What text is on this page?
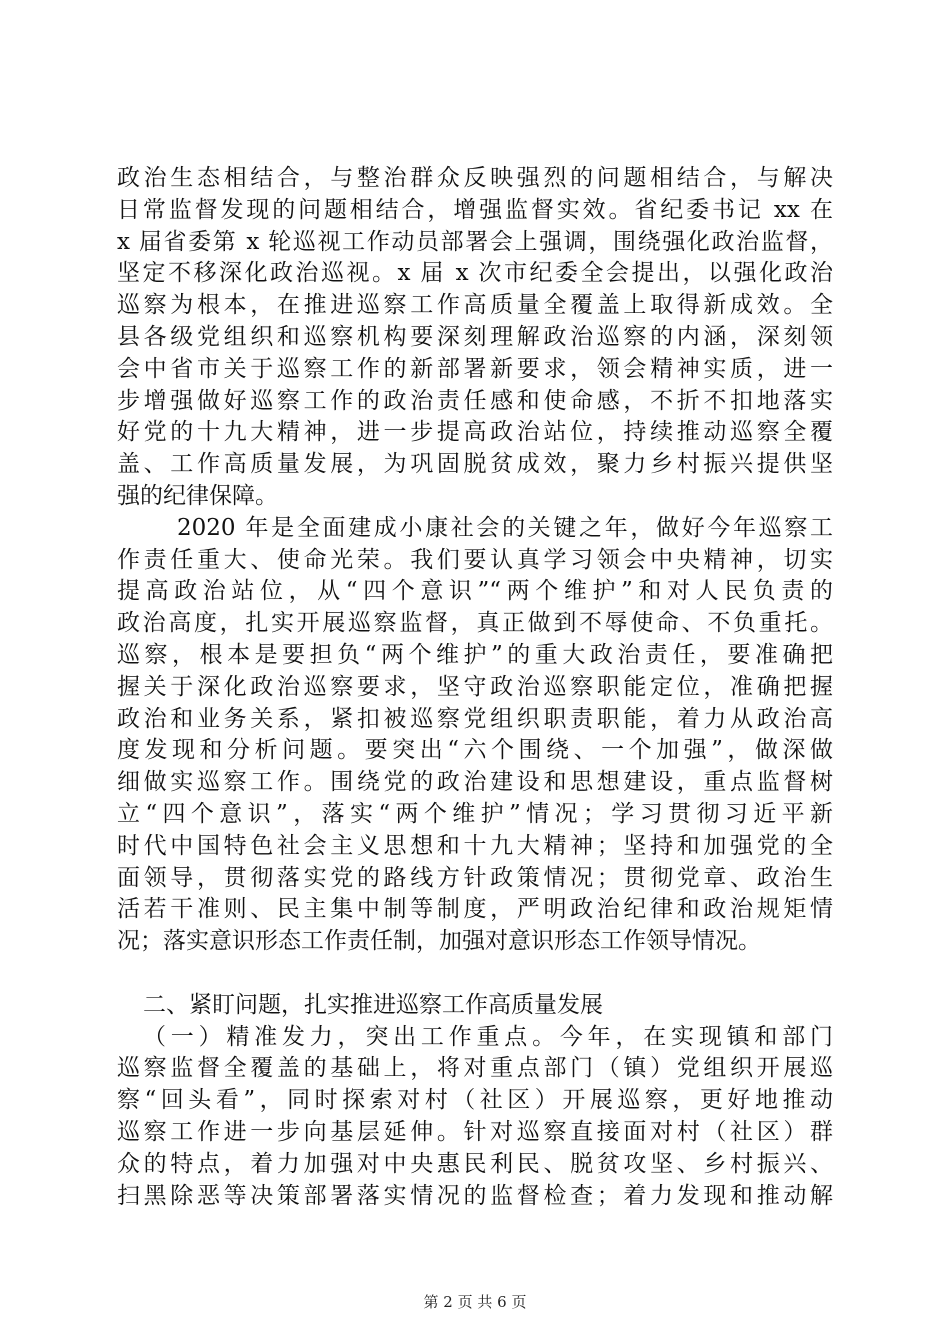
政治生态相结合，与整治群众反映强烈的问题相结合，与解决
日常监督发现的问题相结合，增强监督实效。省纪委书记 xx 在
x 届省委第 x 轮巡视工作动员部署会上强调，围绕强化政治监督，
坚定不移深化政治巡视。x 届 x 次市纪委全会提出，以强化政治
巡察为根本，在推进巡察工作高质量全覆盖上取得新成效。全
县各级党组织和巡察机构要深刻理解政治巡察的内涵，深刻领
会中省市关于巡察工作的新部署新要求，领会精神实质，进一
步增强做好巡察工作的政治责任感和使命感，不折不扣地落实
好党的十九大精神，进一步提高政治站位，持续推动巡察全覆
盖、工作高质量发展，为巩固脱贫成效，聚力乡村振兴提供坚
强的纪律保障。
2020 年是全面建成小康社会的关键之年，做好今年巡察工
作责任重大、使命光荣。我们要认真学习领会中央精神，切实
提高政治站位，从“四个意识”“两个维护”和对人民负责的
政治高度，扎实开展巡察监督，真正做到不辱使命、不负重托。
巡察，根本是要担负“两个维护”的重大政治责任，要准确把
握关于深化政治巡察要求，坚守政治巡察职能定位，准确把握
政治和业务关系，紧扣被巡察党组织职责职能，着力从政治高
度发现和分析问题。要突出“六个围绕、一个加强”，做深做
细做实巡察工作。围绕党的政治建设和思想建设，重点监督树
立“四个意识”，落实“两个维护”情况；学习贯彻习近平新
时代中国特色社会主义思想和十九大精神；坚持和加强党的全
面领导，贯彻落实党的路线方针政策情况；贯彻党章、政治生
活若干准则、民主集中制等制度，严明政治纪律和政治规矩情
况；落实意识形态工作责任制，加强对意识形态工作领导情况。
二、紧盯问题，扎实推进巡察工作高质量发展
（一）精准发力，突出工作重点。今年，在实现镇和部门
巡察监督全覆盖的基础上，将对重点部门（镇）党组织开展巡
察“回头看”，同时探索对村（社区）开展巡察，更好地推动
巡察工作进一步向基层延伸。针对巡察直接面对村（社区）群
众的特点，着力加强对中央惠民利民、脱贫攻坚、乡村振兴、
扫黑除恶等决策部署落实情况的监督检查；着力发现和推动解
第 2 页 共 6 页
